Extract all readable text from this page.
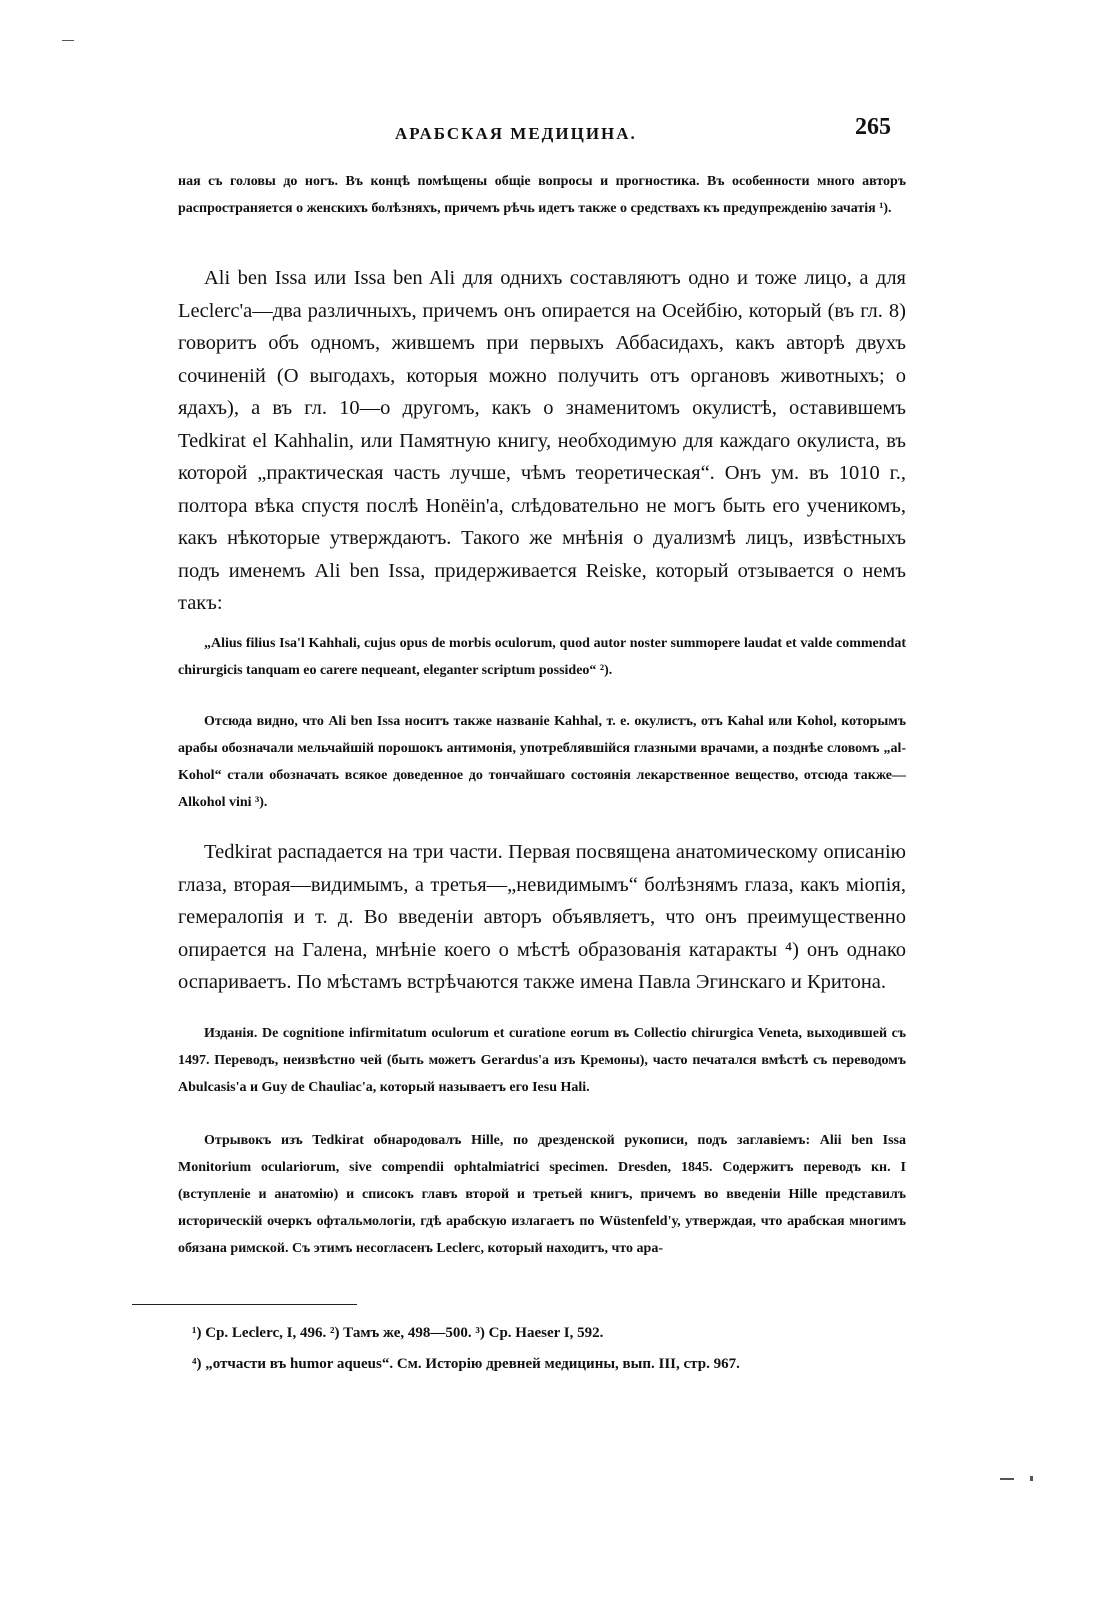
АРАБСКАЯ МЕДИЦИНА.	265

ная съ головы до ногъ. Въ концѣ помѣщены общіе вопросы и прогностика. Въ особенности много авторъ распространяется о женскихъ болѣзняхъ, причемъ рѣчь идетъ также о средствахъ къ предупрежденію зачатія ¹).

Ali ben Issa или Issa ben Ali для однихъ составляютъ одно и тоже лицо, а для Leclerc'а—два различныхъ, причемъ онъ опирается на Осейбію, который (въ гл. 8) говоритъ объ одномъ, жившемъ при первыхъ Аббасидахъ, какъ авторѣ двухъ сочиненій (О выгодахъ, которыя можно получить отъ органовъ животныхъ; о ядахъ), а въ гл. 10—о другомъ, какъ о знаменитомъ окулистѣ, оставившемъ Tedkirat el Kahhalin, или Памятную книгу, необходимую для каждаго окулиста, въ которой „практическая часть лучше, чѣмъ теоретическая“. Онъ ум. въ 1010 г., полтора вѣка спустя послѣ Honëin'а, слѣдовательно не могъ быть его ученикомъ, какъ нѣкоторые утверждаютъ. Такого же мнѣнія о дуализмѣ лицъ, извѣстныхъ подъ именемъ Ali ben Issa, придерживается Reiske, который отзывается о немъ такъ:

„Alius filius Isa'l Kahhali, cujus opus de morbis oculorum, quod autor noster summopere laudat et valde commendat chirurgicis tanquam eo carere nequeant, eleganter scriptum possideo“ ²).

Отсюда видно, что Ali ben Issa носитъ также названіе Kahhal, т. е. окулистъ, отъ Kahal или Kohol, которымъ арабы обозначали мельчайшій порошокъ антимонія, употреблявшійся глазными врачами, а позднѣе словомъ „al-Kohol“ стали обозначать всякое доведенное до тончайшаго состоянія лекарственное вещество, отсюда также—Alkohol vini ³).

Tedkirat распадается на три части. Первая посвящена анатомическому описанію глаза, вторая—видимымъ, а третья—„невидимымъ“ болѣзнямъ глаза, какъ міопія, гемералопія и т. д. Во введеніи авторъ объявляетъ, что онъ преимущественно опирается на Галена, мнѣніе коего о мѣстѣ образованія катаракты ⁴) онъ однако оспариваетъ. По мѣстамъ встрѣчаются также имена Павла Эгинскаго и Критона.

Изданія. De cognitione infirmitatum oculorum et curatione eorum въ Collectio chirurgica Veneta, выходившей съ 1497. Переводъ, неизвѣстно чей (быть можетъ Gerardus'а изъ Кремоны), часто печатался вмѣстѣ съ переводомъ Abulcasis'а и Guy de Chauliac'а, который называетъ его Iesu Hali.

Отрывокъ изъ Tedkirat обнародовалъ Hille, по дрезденской рукописи, подъ заглавіемъ: Alii ben Issa Monitorium oculariorum, sive compendii ophtalmiatrici specimen. Dresden, 1845. Содержитъ переводъ кн. I (вступленіе и анатомію) и списокъ главъ второй и третьей книгъ, причемъ во введеніи Hille представилъ историческій очеркъ офтальмологіи, гдѣ арабскую излагаетъ по Wüstenfeld'у, утверждая, что арабская многимъ обязана римской. Съ этимъ несогласенъ Leclerc, который находитъ, что ара-

¹) Ср. Leclerc, I, 496. ²) Тамъ же, 498—500. ³) Ср. Haeser I, 592.
⁴) „отчасти въ humor aqueus“. См. Исторію древней медицины, вып. III, стр. 967.
